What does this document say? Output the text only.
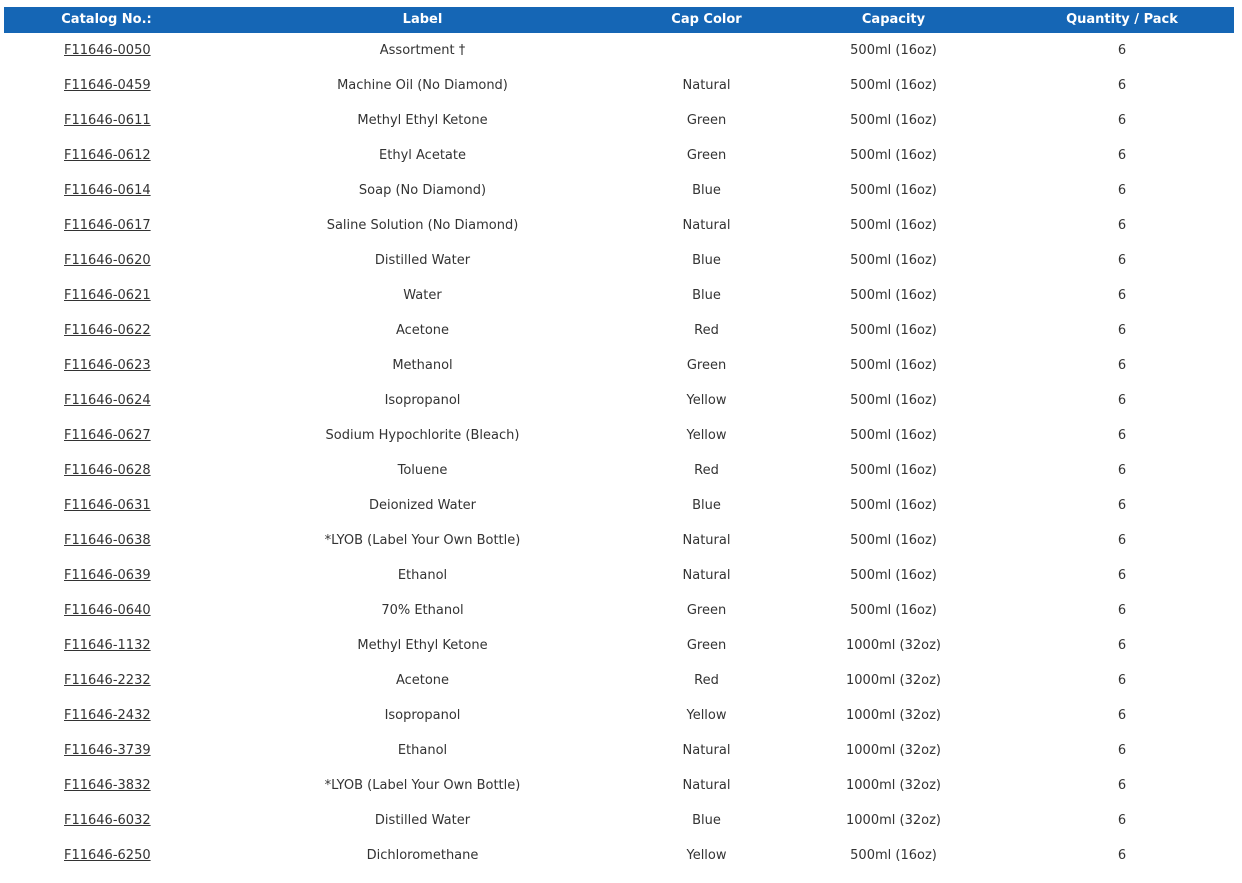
Catalog No.:	Label	Cap Color	Capacity	Quantity / Pack
F11646-0050	Assortment †		500ml (16oz)	6
F11646-0459	Machine Oil (No Diamond)	Natural	500ml (16oz)	6
F11646-0611	Methyl Ethyl Ketone	Green	500ml (16oz)	6
F11646-0612	Ethyl Acetate	Green	500ml (16oz)	6
F11646-0614	Soap (No Diamond)	Blue	500ml (16oz)	6
F11646-0617	Saline Solution (No Diamond)	Natural	500ml (16oz)	6
F11646-0620	Distilled Water	Blue	500ml (16oz)	6
F11646-0621	Water	Blue	500ml (16oz)	6
F11646-0622	Acetone	Red	500ml (16oz)	6
F11646-0623	Methanol	Green	500ml (16oz)	6
F11646-0624	Isopropanol	Yellow	500ml (16oz)	6
F11646-0627	Sodium Hypochlorite (Bleach)	Yellow	500ml (16oz)	6
F11646-0628	Toluene	Red	500ml (16oz)	6
F11646-0631	Deionized Water	Blue	500ml (16oz)	6
F11646-0638	*LYOB (Label Your Own Bottle)	Natural	500ml (16oz)	6
F11646-0639	Ethanol	Natural	500ml (16oz)	6
F11646-0640	70% Ethanol	Green	500ml (16oz)	6
F11646-1132	Methyl Ethyl Ketone	Green	1000ml (32oz)	6
F11646-2232	Acetone	Red	1000ml (32oz)	6
F11646-2432	Isopropanol	Yellow	1000ml (32oz)	6
F11646-3739	Ethanol	Natural	1000ml (32oz)	6
F11646-3832	*LYOB (Label Your Own Bottle)	Natural	1000ml (32oz)	6
F11646-6032	Distilled Water	Blue	1000ml (32oz)	6
F11646-6250	Dichloromethane	Yellow	500ml (16oz)	6
